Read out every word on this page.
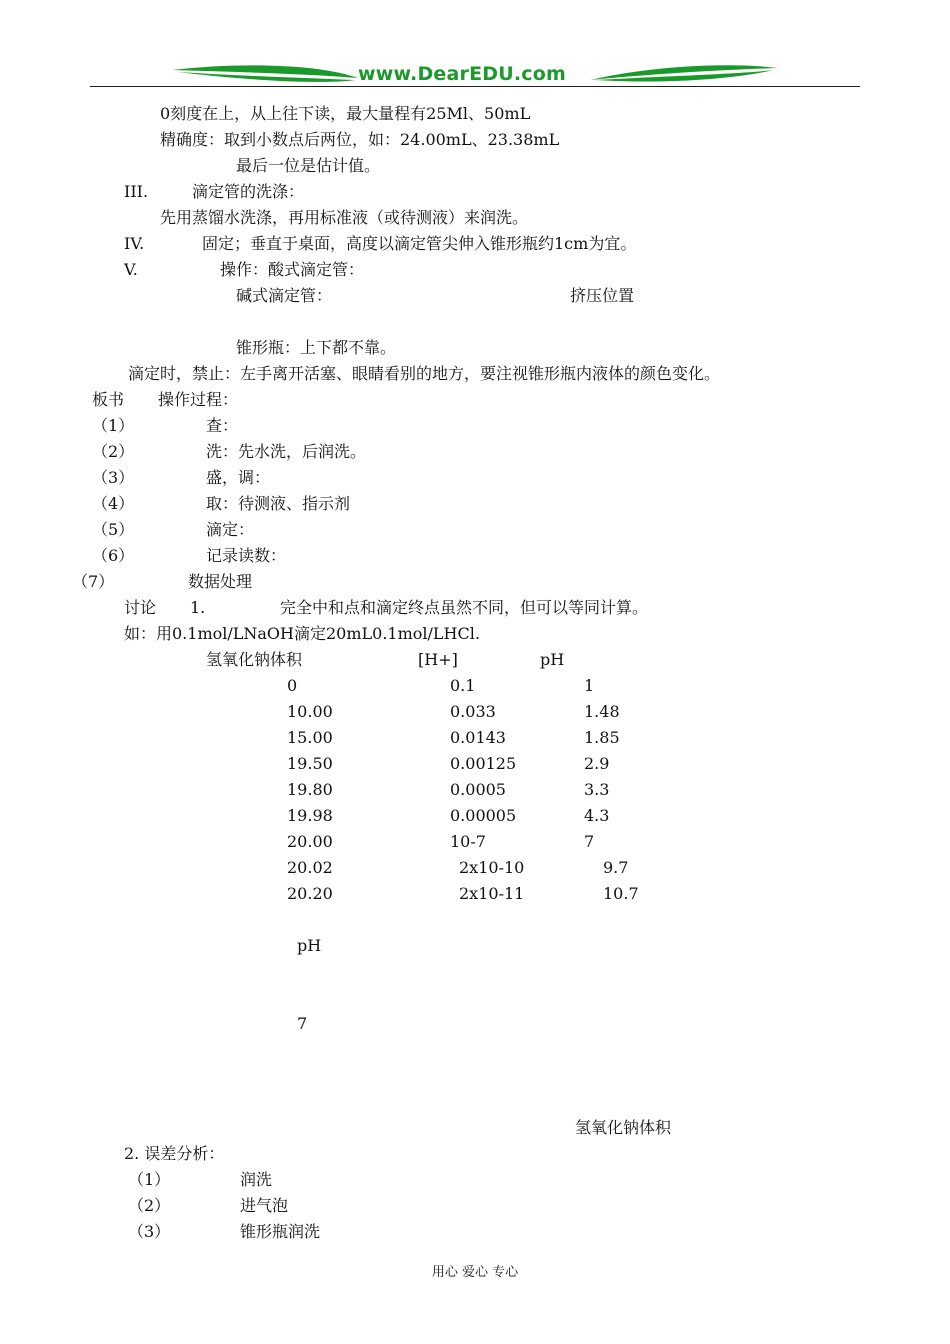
www.DearEDU.com
0刻度在上，从上往下读，最大量程有25Ml、50mL
精确度：取到小数点后两位，如：24.00mL、23.38mL
最后一位是估计值。
III.	滴定管的洗涤：
先用蒸馏水洗涤，再用标准液（或待测液）来润洗。
IV.	固定；垂直于桌面，高度以滴定管尖伸入锥形瓶约1cm为宜。
V.	操作：酸式滴定管：
碱式滴定管：	挤压位置
锥形瓶：上下都不靠。
滴定时，禁止：左手离开活塞、眼睛看别的地方，要注视锥形瓶内液体的颜色变化。
板书 操作过程：
（1）	查：
（2）	洗：先水洗，后润洗。
（3）	盛，调：
（4）	取：待测液、指示剂
（5）	滴定：
（6）	记录读数：
（7）	数据处理
讨论 1.	完全中和点和滴定终点虽然不同，但可以等同计算。
如：用0.1mol/LNaOH滴定20mL0.1mol/LHCl.
氢氧化钠体积	[H+]	pH
0	0.1	1
10.00	0.033	1.48
15.00	0.0143	1.85
19.50	0.00125	2.9
19.80	0.0005	3.3
19.98	0.00005	4.3
20.00	10-7	7
20.02	2x10-10	9.7
20.20	2x10-11	10.7
pH
7
氢氧化钠体积
2. 误差分析：
（1）	润洗
（2）	进气泡
（3）	锥形瓶润洗
用心 爱心 专心
